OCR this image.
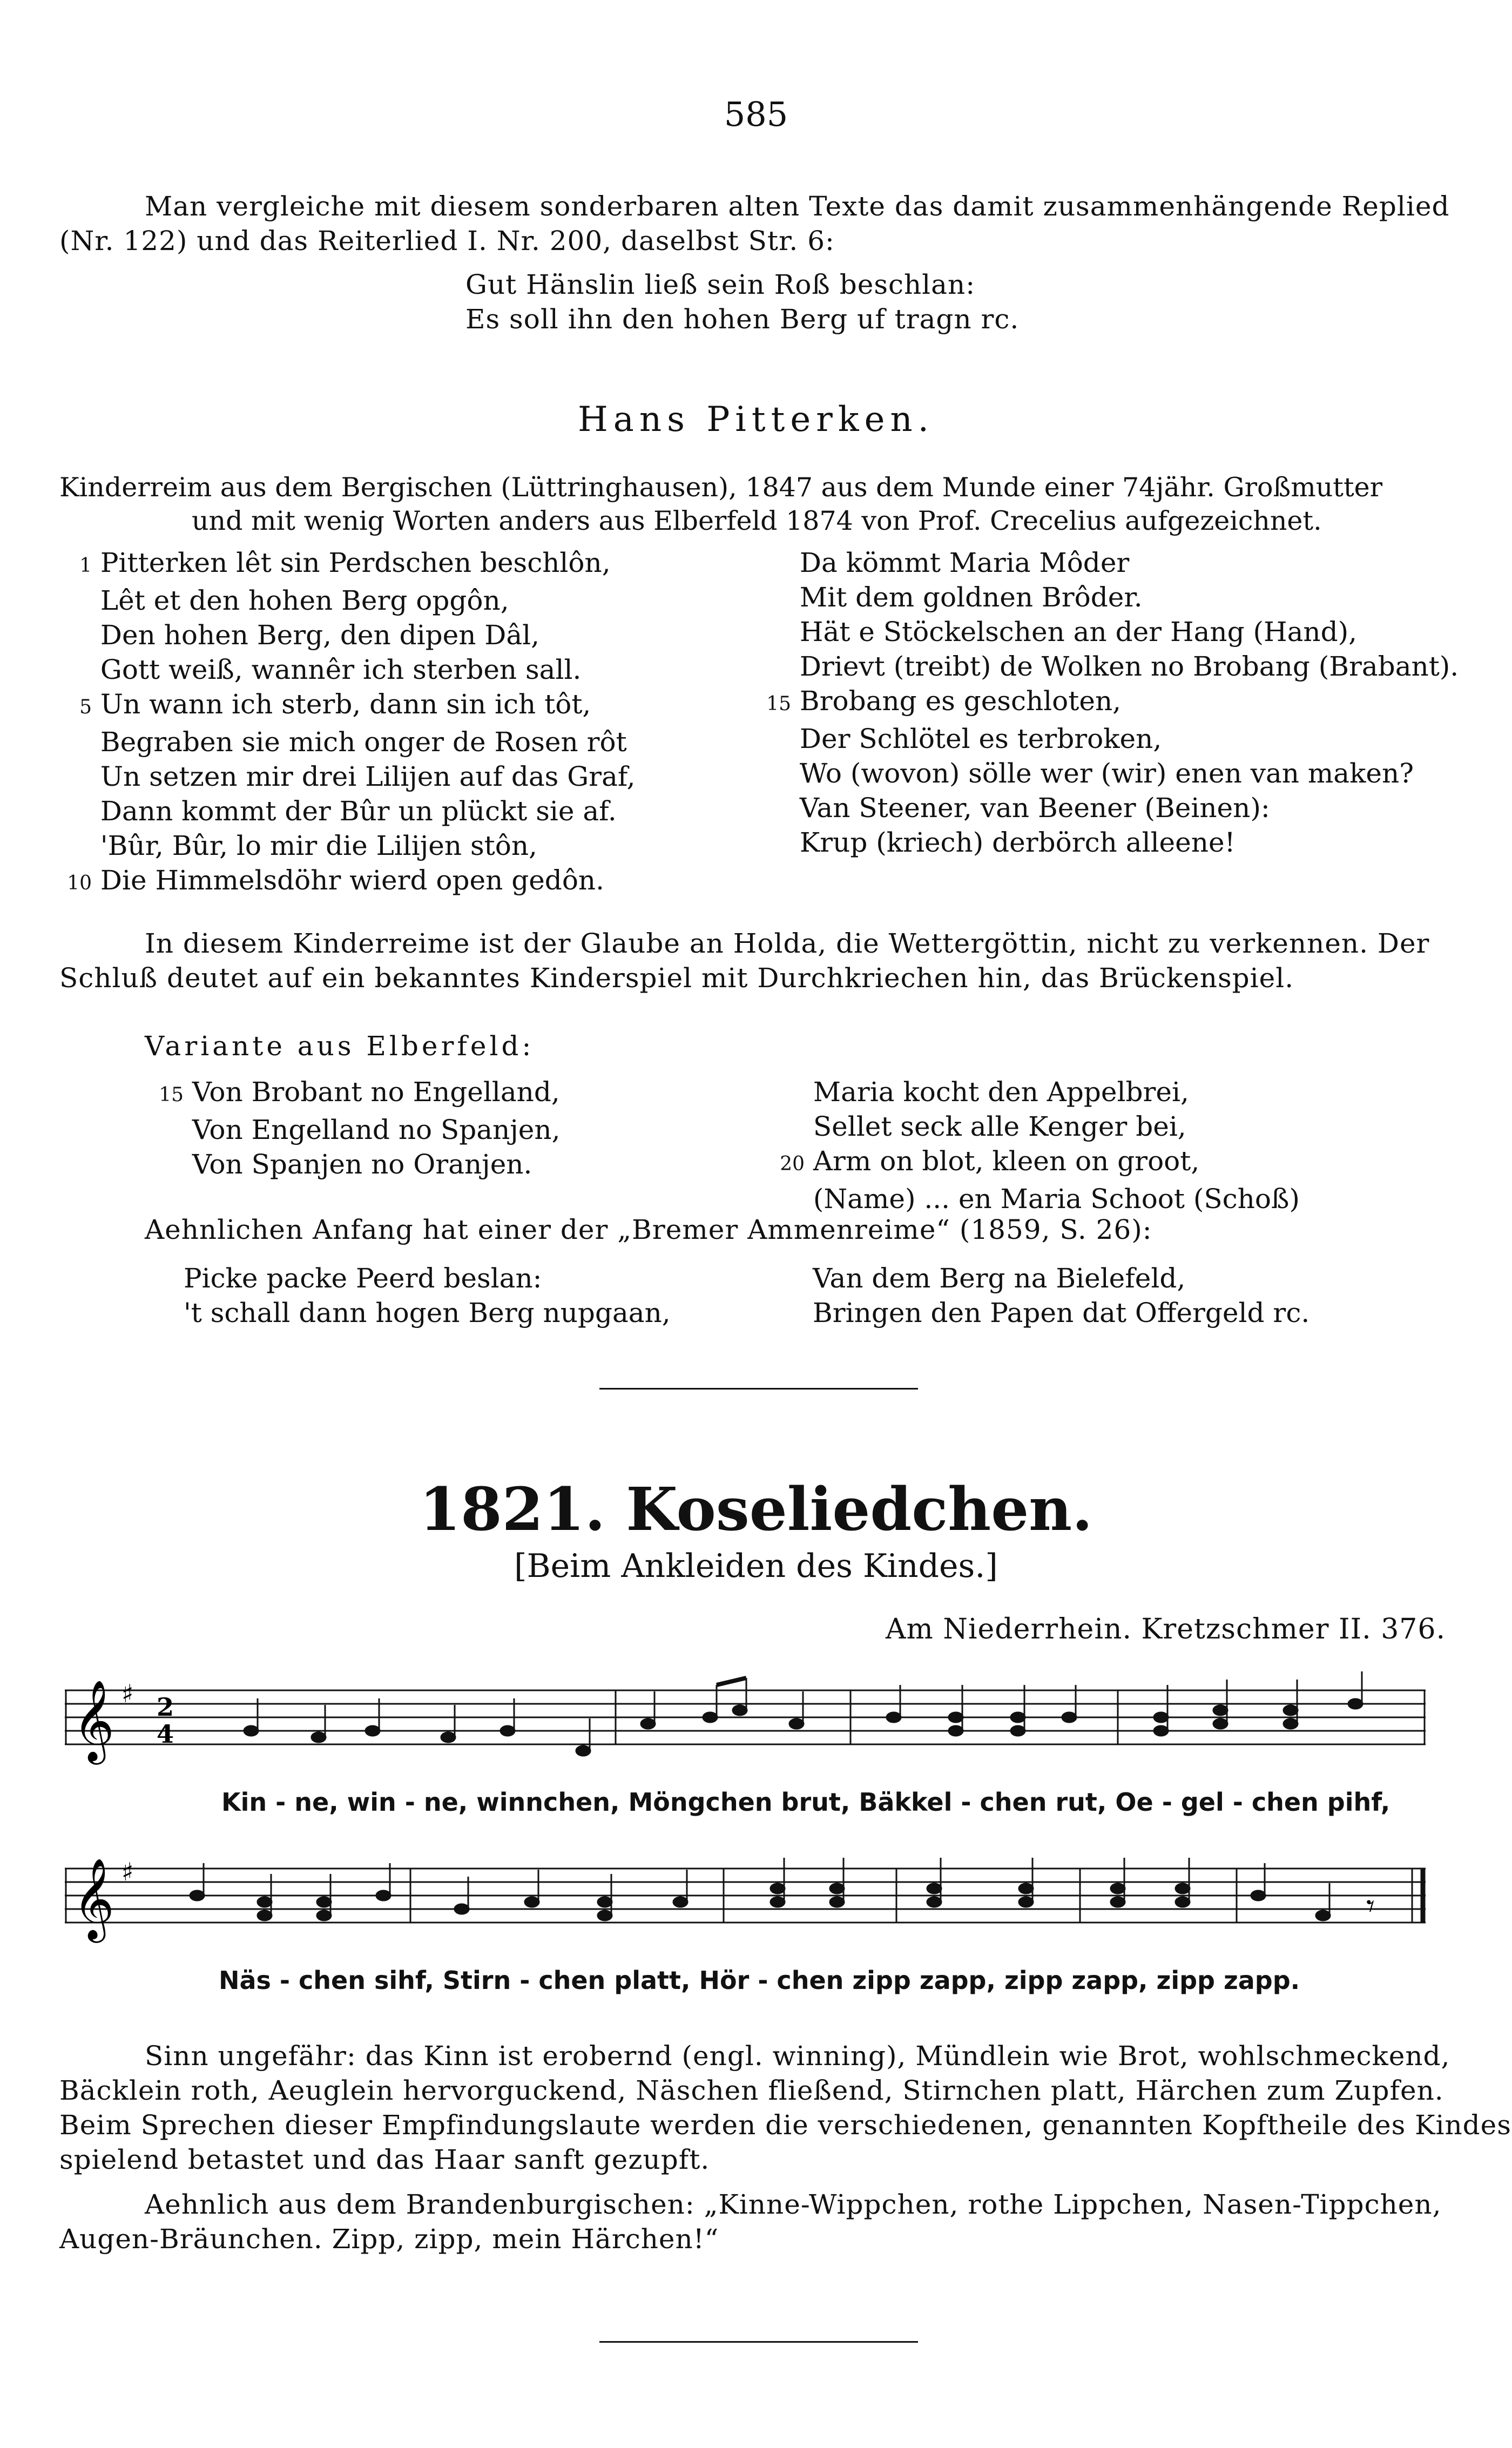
585
Man vergleiche mit diesem sonderbaren alten Texte das damit zusammenhängende Replied
(Nr. 122) und das Reiterlied I. Nr. 200, daselbst Str. 6:
Gut Hänslin ließ sein Roß beschlan:
Es soll ihn den hohen Berg uf tragn rc.
Hans Pitterken.
Kinderreim aus dem Bergischen (Lüttringhausen), 1847 aus dem Munde einer 74jähr. Großmutter
und mit wenig Worten anders aus Elberfeld 1874 von Prof. Crecelius aufgezeichnet.
1 Pitterken lêt sin Perdschen beschlôn,
Lêt et den hohen Berg opgôn,
Den hohen Berg, den dipen Dâl,
Gott weiß, wannêr ich sterben sall.
5 Un wann ich sterb, dann sin ich tôt,
Begraben sie mich onger de Rosen rôt
Un setzen mir drei Lilijen auf das Graf,
Dann kommt der Bûr un plückt sie af.
'Bûr, Bûr, lo mir die Lilijen stôn,
10 Die Himmelsdöhr wierd open gedôn.
Da kömmt Maria Môder
Mit dem goldnen Brôder.
Hät e Stöckelschen an der Hang (Hand),
Drievt (treibt) de Wolken no Brobang (Brabant).
15 Brobang es geschloten,
Der Schlötel es terbroken,
Wo (wovon) sölle wer (wir) enen van maken?
Van Steener, van Beener (Beinen):
Krup (kriech) derbörch alleene!
In diesem Kinderreime ist der Glaube an Holda, die Wettergöttin, nicht zu verkennen. Der
Schluß deutet auf ein bekanntes Kinderspiel mit Durchkriechen hin, das Brückenspiel.
Variante aus Elberfeld:
15 Von Brobant no Engelland,
Von Engelland no Spanjen,
Von Spanjen no Oranjen.
Maria kocht den Appelbrei,
Sellet seck alle Kenger bei,
20 Arm on blot, kleen on groot,
(Name) ... en Maria Schoot (Schoß)
Aehnlichen Anfang hat einer der „Bremer Ammenreime“ (1859, S. 26):
Picke packe Peerd beslan:
't schall dann hogen Berg nupgaan,
Van dem Berg na Bielefeld,
Bringen den Papen dat Offergeld rc.
1821. Koseliedchen.
[Beim Ankleiden des Kindes.]
Am Niederrhein. Kretzschmer II. 376.
𝄞 ♯ 2
4
Kin - ne, win - ne, winnchen, Möngchen brut, Bäkkel - chen rut, Oe - gel - chen pihf,
𝄞 ♯
𝄾
Näs - chen sihf, Stirn - chen platt, Hör - chen zipp zapp, zipp zapp, zipp zapp.
Sinn ungefähr: das Kinn ist erobernd (engl. winning), Mündlein wie Brot, wohlschmeckend,
Bäcklein roth, Aeuglein hervorguckend, Näschen fließend, Stirnchen platt, Härchen zum Zupfen.
Beim Sprechen dieser Empfindungslaute werden die verschiedenen, genannten Kopftheile des Kindes
spielend betastet und das Haar sanft gezupft.
Aehnlich aus dem Brandenburgischen: „Kinne-Wippchen, rothe Lippchen, Nasen-Tippchen,
Augen-Bräunchen. Zipp, zipp, mein Härchen!“
